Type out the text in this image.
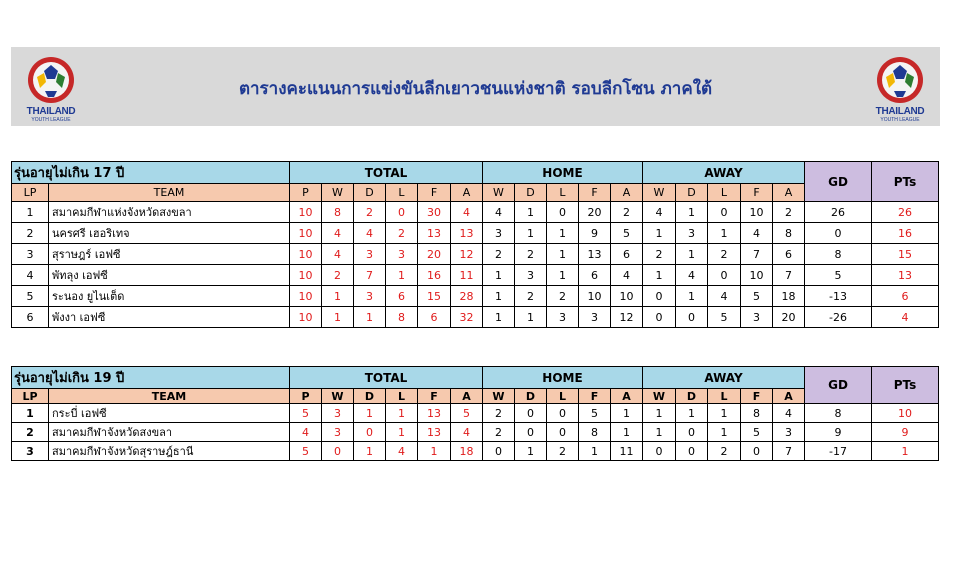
THAILAND
YOUTH LEAGUE
ตารางคะแนนการแข่งขันลีกเยาวชนแห่งชาติ รอบลีกโซน ภาคใต้
THAILAND
YOUTH LEAGUE
รุ่นอายุไม่เกิน 17 ปี		TOTAL						HOME					AWAY					GD	PTs
LP	TEAM	P	W	D	L	F	A	W	D	L	F	A	W	D	L	F	A		
1	สมาคมกีฬาแห่งจังหวัดสงขลา	10	8	2	0	30	4	4	1	0	20	2	4	1	0	10	2	26	26
2	นครศรี เฮอริเทจ	10	4	4	2	13	13	3	1	1	9	5	1	3	1	4	8	0	16
3	สุราษฎร์ เอฟซี	10	4	3	3	20	12	2	2	1	13	6	2	1	2	7	6	8	15
4	พัทลุง เอฟซี	10	2	7	1	16	11	1	3	1	6	4	1	4	0	10	7	5	13
5	ระนอง ยูไนเต็ด	10	1	3	6	15	28	1	2	2	10	10	0	1	4	5	18	-13	6
6	พังงา เอฟซี	10	1	1	8	6	32	1	1	3	3	12	0	0	5	3	20	-26	4
รุ่นอายุไม่เกิน 19 ปี		TOTAL						HOME					AWAY					GD	PTs
LP	TEAM	P	W	D	L	F	A	W	D	L	F	A	W	D	L	F	A		
1	กระบี่ เอฟซี	5	3	1	1	13	5	2	0	0	5	1	1	1	1	8	4	8	10
2	สมาคมกีฬาจังหวัดสงขลา	4	3	0	1	13	4	2	0	0	8	1	1	0	1	5	3	9	9
3	สมาคมกีฬาจังหวัดสุราษฎ์ธานี	5	0	1	4	1	18	0	1	2	1	11	0	0	2	0	7	-17	1
